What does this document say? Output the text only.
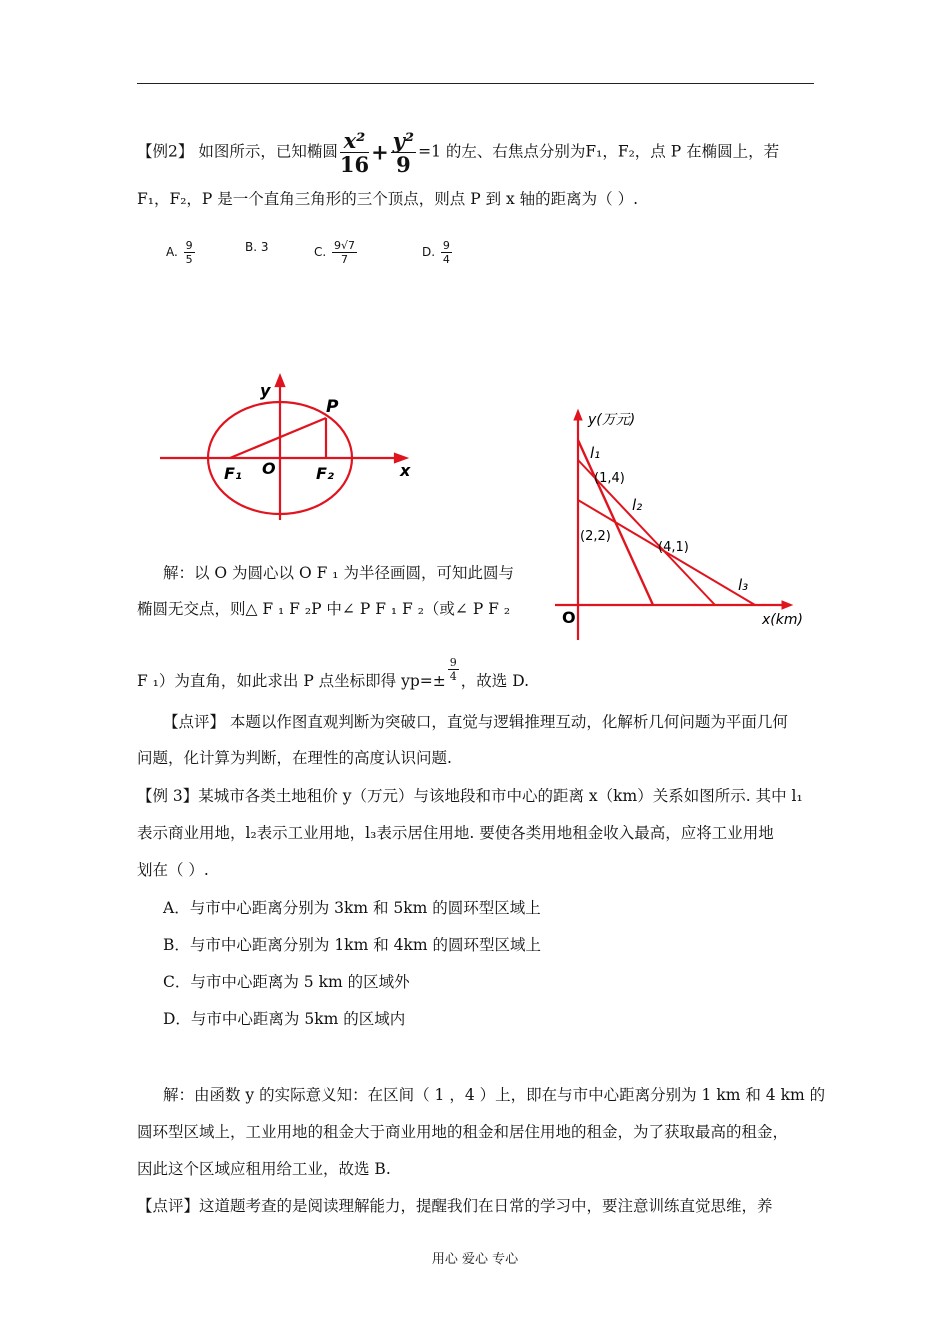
【例2】 如图所示，已知椭圆 $\frac{\text{x²}}{16} + \frac{\text{y²}}{9} =1$ 的左、右焦点分别为F₁，F₂，点 P 在椭圆上，若
F₁，F₂，P 是一个直角三角形的三个顶点，则点 P 到 x 轴的距离为（ ）.
A. $\frac{9}{5}$	B. 3	C. $\frac{9√7}{7}$	D. $\frac{9}{4}$
y
P
O
F₁	F₂	x
y(万元)
l₁
(1,4)
l₂
(2,2)
(4,1)
l₃
O	x(km)
解：以 O 为圆心以 O F ₁ 为半径画圆，可知此圆与
椭圆无交点，则△ F ₁ F ₂P 中∠ P F ₁ F ₂（或∠ P F ₂
F ₁）为直角，如此求出 P 点坐标即得 $yp=\pm \frac{9}{4}$ ，故选 D.
【点评】 本题以作图直观判断为突破口，直觉与逻辑推理互动，化解析几何问题为平面几何
问题，化计算为判断，在理性的高度认识问题.
【例 3】某城市各类土地租价 y（万元）与该地段和市中心的距离 x（km）关系如图所示. 其中 l₁
表示商业用地，l₂表示工业用地，l₃表示居住用地. 要使各类用地租金收入最高，应将工业用地
划在（ ）.
A．与市中心距离分别为 3km 和 5km 的圆环型区域上
B．与市中心距离分别为 1km 和 4km 的圆环型区域上
C．与市中心距离为 5 km 的区域外
D．与市中心距离为 5km 的区域内
解：由函数 y 的实际意义知：在区间（ 1 ，4 ）上，即在与市中心距离分别为 1 km 和 4 km 的
圆环型区域上，工业用地的租金大于商业用地的租金和居住用地的租金，为了获取最高的租金，
因此这个区域应租用给工业，故选 B.
【点评】这道题考查的是阅读理解能力，提醒我们在日常的学习中，要注意训练直觉思维，养
用心 爱心 专心
